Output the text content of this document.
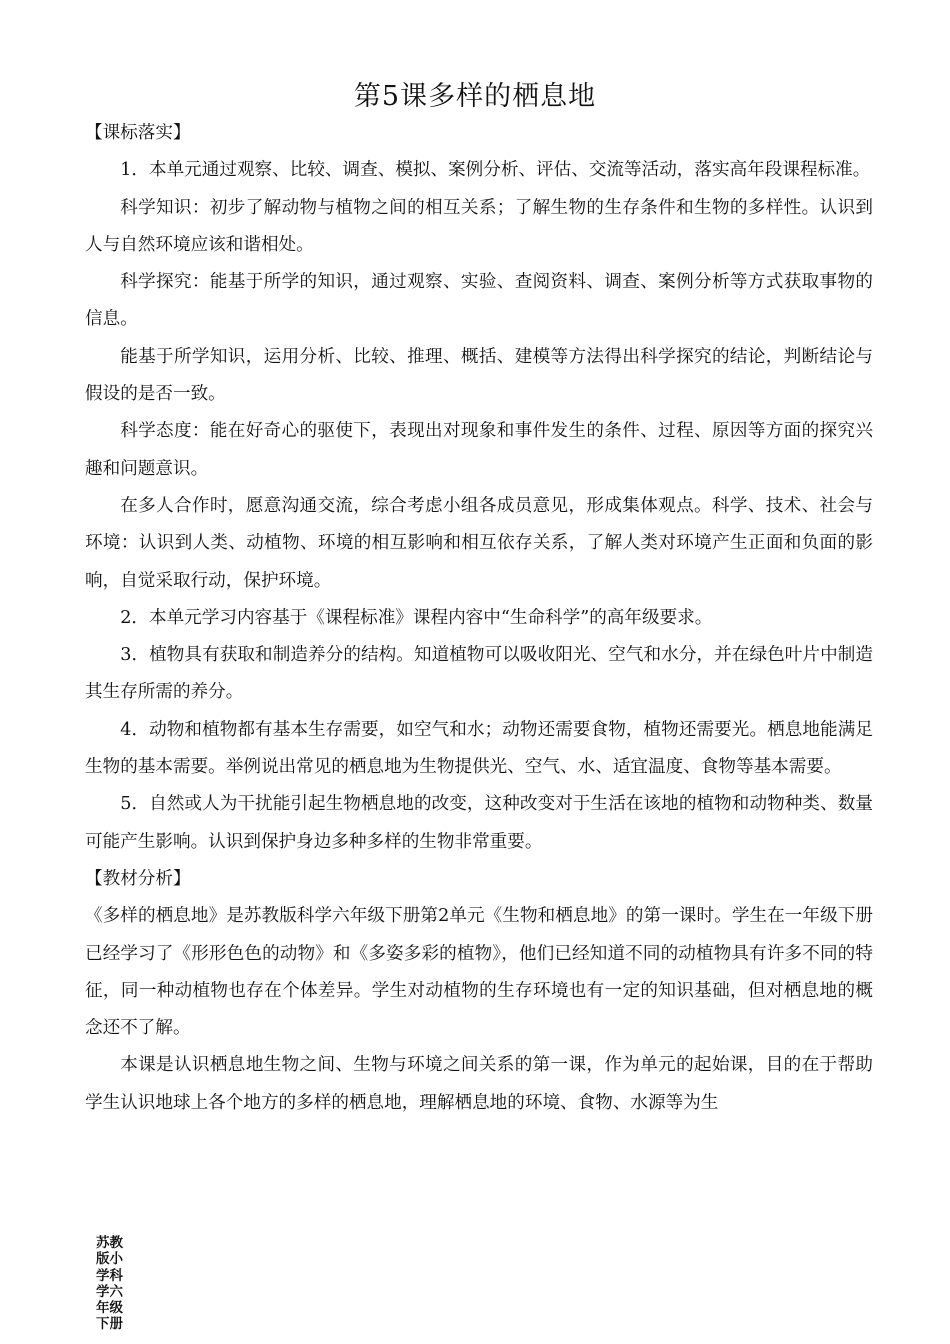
第5课多样的栖息地

【课标落实】

1．本单元通过观察、比较、调查、模拟、案例分析、评估、交流等活动，落实高年段课程标准。

科学知识：初步了解动物与植物之间的相互关系；了解生物的生存条件和生物的多样性。认识到人与自然环境应该和谐相处。

科学探究：能基于所学的知识，通过观察、实验、查阅资料、调查、案例分析等方式获取事物的信息。

能基于所学知识，运用分析、比较、推理、概括、建模等方法得出科学探究的结论，判断结论与假设的是否一致。

科学态度：能在好奇心的驱使下，表现出对现象和事件发生的条件、过程、原因等方面的探究兴趣和问题意识。

在多人合作时，愿意沟通交流，综合考虑小组各成员意见，形成集体观点。科学、技术、社会与环境：认识到人类、动植物、环境的相互影响和相互依存关系，了解人类对环境产生正面和负面的影响，自觉采取行动，保护环境。

2．本单元学习内容基于《课程标准》课程内容中“生命科学”的高年级要求。

3．植物具有获取和制造养分的结构。知道植物可以吸收阳光、空气和水分，并在绿色叶片中制造其生存所需的养分。

4．动物和植物都有基本生存需要，如空气和水；动物还需要食物，植物还需要光。栖息地能满足生物的基本需要。举例说出常见的栖息地为生物提供光、空气、水、适宜温度、食物等基本需要。

5．自然或人为干扰能引起生物栖息地的改变，这种改变对于生活在该地的植物和动物种类、数量可能产生影响。认识到保护身边多种多样的生物非常重要。

【教材分析】

《多样的栖息地》是苏教版科学六年级下册第2单元《生物和栖息地》的第一课时。学生在一年级下册已经学习了《形形色色的动物》和《多姿多彩的植物》，他们已经知道不同的动植物具有许多不同的特征，同一种动植物也存在个体差异。学生对动植物的生存环境也有一定的知识基础，但对栖息地的概念还不了解。

本课是认识栖息地生物之间、生物与环境之间关系的第一课，作为单元的起始课，目的在于帮助学生认识地球上各个地方的多样的栖息地，理解栖息地的环境、食物、水源等为生

苏教版小学科学六年级下册
